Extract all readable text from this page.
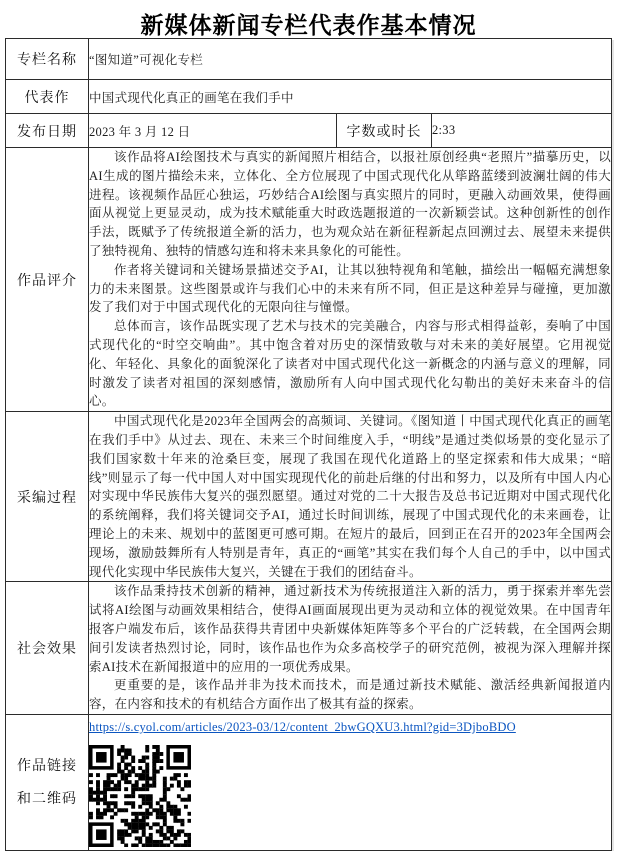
新媒体新闻专栏代表作基本情况
专栏名称	“图知道”可视化专栏		
代表作	中国式现代化真正的画笔在我们手中		
发布日期	2023 年 3 月 12 日	字数或时长	2:33
作品评介	该作品将AI绘图技术与真实的新闻照片相结合，以报社原创经典“老照片”描摹历史，以AI生成的图片描绘未来，立体化、全方位展现了中国式现代化从筚路蓝缕到波澜壮阔的伟大进程。该视频作品匠心独运，巧妙结合AI绘图与真实照片的同时，更融入动画效果，使得画面从视觉上更显灵动，成为技术赋能重大时政选题报道的一次新颖尝试。这种创新性的创作手法，既赋予了传统报道全新的活力，也为观众站在新征程新起点回溯过去、展望未来提供了独特视角、独特的情感勾连和将未来具象化的可能性。

作者将关键词和关键场景描述交予AI，让其以独特视角和笔触，描绘出一幅幅充满想象力的未来图景。这些图景或许与我们心中的未来有所不同，但正是这种差异与碰撞，更加激发了我们对于中国式现代化的无限向往与憧憬。

总体而言，该作品既实现了艺术与技术的完美融合，内容与形式相得益彰，奏响了中国式现代化的“时空交响曲”。其中饱含着对历史的深情致敬与对未来的美好展望。它用视觉化、年轻化、具象化的面貌深化了读者对中国式现代化这一新概念的内涵与意义的理解，同时激发了读者对祖国的深刻感情，激励所有人向中国式现代化勾勒出的美好未来奋斗的信心。		

采编过程	中国式现代化是2023年全国两会的高频词、关键词。《图知道丨中国式现代化真正的画笔在我们手中》从过去、现在、未来三个时间维度入手，“明线”是通过类似场景的变化显示了我们国家数十年来的沧桑巨变，展现了我国在现代化道路上的坚定探索和伟大成果；“暗线”则显示了每一代中国人对中国实现现代化的前赴后继的付出和努力，以及所有中国人内心对实现中华民族伟大复兴的强烈愿望。通过对党的二十大报告及总书记近期对中国式现代化的系统阐释，我们将关键词交予AI，通过长时间训练，展现了中国式现代化的未来画卷，让理论上的未来、规划中的蓝图更可感可期。在短片的最后，回到正在召开的2023年全国两会现场，激励鼓舞所有人特别是青年，真正的“画笔”其实在我们每个人自己的手中，以中国式现代化实现中华民族伟大复兴，关键在于我们的团结奋斗。		

社会效果	该作品秉持技术创新的精神，通过新技术为传统报道注入新的活力，勇于探索并率先尝试将AI绘图与动画效果相结合，使得AI画面展现出更为灵动和立体的视觉效果。在中国青年报客户端发布后，该作品获得共青团中央新媒体矩阵等多个平台的广泛转载，在全国两会期间引发读者热烈讨论，同时，该作品也作为众多高校学子的研究范例，被视为深入理解并探索AI技术在新闻报道中的应用的一项优秀成果。

更重要的是，该作品并非为技术而技术，而是通过新技术赋能、激活经典新闻报道内容，在内容和技术的有机结合方面作出了极其有益的探索。		

作品链接
和二维码	https://s.cyol.com/articles/2023-03/12/content_2bwGQXU3.html?gid=3DjboBDO		
